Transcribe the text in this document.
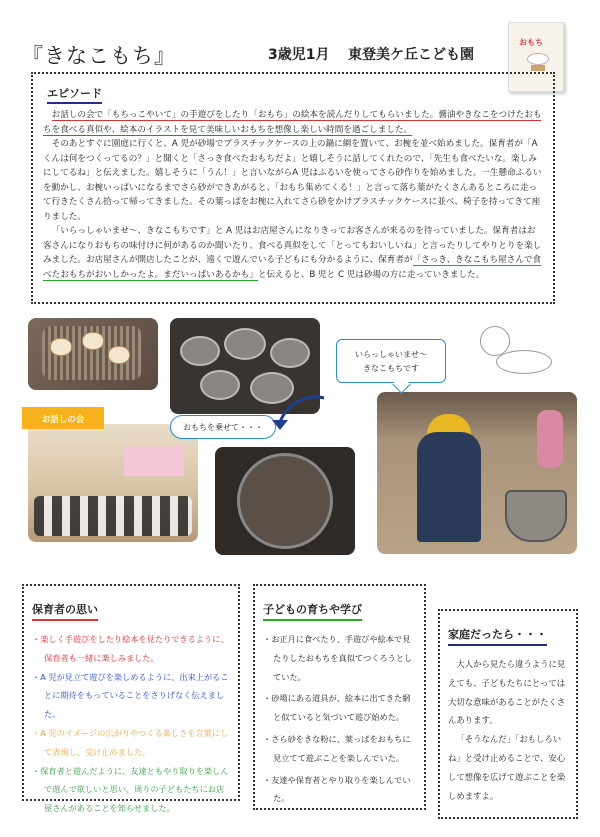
『きなこもち』	3歳児1月 東登美ケ丘こども園
おもち
エピソード

お話しの会で「もちっこやいて」の手遊びをしたり「おもち」の絵本を読んだりしてもらいました。醤油やきなこをつけたおもちを食べる真似や、絵本のイラストを見て美味しいおもちを想像し楽しい時間を過ごしました。

そのあとすぐに園庭に行くと、A 児が砂場でプラスチックケースの上の鍋に網を置いて、お椀を並べ始めました。保育者が「A くんは何をつくってるの？」と聞くと「さっき食べたおもちだよ」と嬉しそうに話してくれたので、「先生も食べたいな。楽しみにしてるね」と伝えました。嬉しそうに「うん！」と言いながらA 児はふるいを使ってさら砂作りを始めました。一生懸命ふるいを動かし、お椀いっぱいになるまでさら砂ができあがると、「おもち集めてくる！」と言って落ち葉がたくさんあるところに走って行きたくさん拾って帰ってきました。その葉っぱをお椀に入れてさら砂をかけプラスチックケースに並べ、椅子を持ってきて座りました。

「いらっしゃいませ～、きなこもちです」と A 児はお店屋さんになりきってお客さんが来るのを待っていました。保育者はお客さんになりおもちの味付けに何があるのか聞いたり、食べる真似をして「とってもおいしいね」と言ったりしてやりとりを楽しみました。お店屋さんが開店したことが、遠くで遊んでいる子どもにも分かるように、保育者が「さっき、きなこもち屋さんで食べたおもちがおいしかったよ。まだいっぱいあるかも」と伝えると、B 児と C 児は砂場の方に走っていきました。

いらっしゃいませ～
きなこもちです
お話しの会
おもちを乗せて・・・
保育者の思い
・楽しく手遊びをしたり絵本を見たりできるように、保育者も一緒に楽しみました。
・A 児が見立て遊びを楽しめるように、出来上がることに期待をもっていることをさりげなく伝えました。
・A 児のイメージの広がりやつくる楽しさを言葉にして表現し、受け止めました。
・保育者と遊んだように、友達ともやり取りを楽しんで遊んで欲しいと思い、周りの子どもたちにお店屋さんがあることを知らせました。
子どもの育ちや学び
・お正月に食べたり、手遊びや絵本で見たりしたおもちを真似てつくろうとしていた。
・砂場にある道具が、絵本に出てきた網と似ていると気づいて遊び始めた。
・さら砂をきな粉に、葉っぱをおもちに見立てて遊ぶことを楽しんでいた。
・友達や保育者とやり取りを楽しんでいた。
家庭だったら・・・

大人から見たら違うように見えても、子どもたちにとっては大切な意味があることがたくさんあります。

「そうなんだ」「おもしろいね」と受け止めることで、安心して想像を広げて遊ぶことを楽しめますよ。
